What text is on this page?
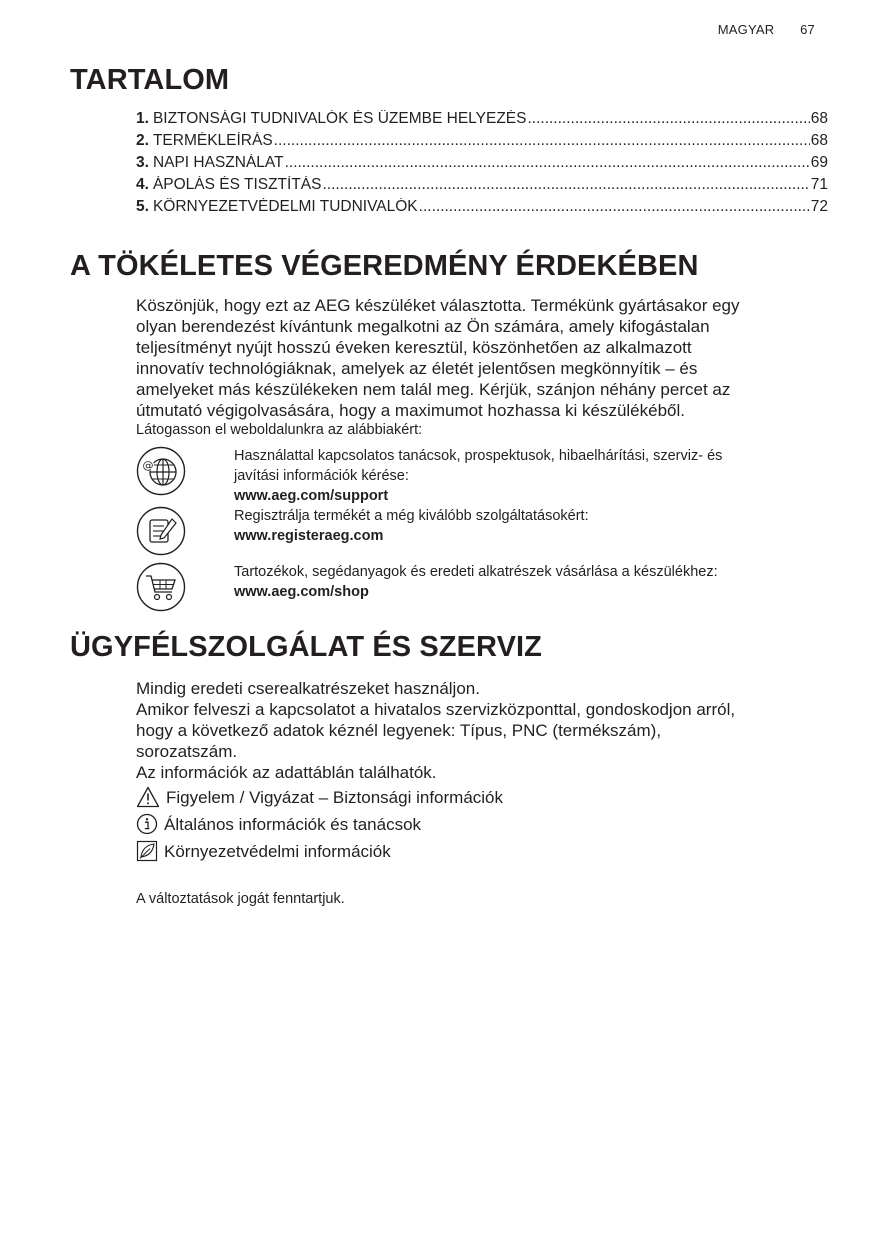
MAGYAR 67
TARTALOM
1. BIZTONSÁGI TUDNIVALÓK ÉS ÜZEMBE HELYEZÉS .....	68
2. TERMÉKLEÍRÁS .....	68
3. NAPI HASZNÁLAT .....	69
4. ÁPOLÁS ÉS TISZTÍTÁS .....	71
5. KÖRNYEZETVÉDELMI TUDNIVALÓK .....	72
A TÖKÉLETES VÉGEREDMÉNY ÉRDEKÉBEN
Köszönjük, hogy ezt az AEG készüléket választotta. Termékünk gyártásakor egy
olyan berendezést kívántunk megalkotni az Ön számára, amely kifogástalan
teljesítményt nyújt hosszú éveken keresztül, köszönhetően az alkalmazott
innovatív technológiáknak, amelyek az életét jelentősen megkönnyítik – és
amelyeket más készülékeken nem talál meg. Kérjük, szánjon néhány percet az
útmutató végigolvasására, hogy a maximumot hozhassa ki készülékéből.
Látogasson el weboldalunkra az alábbiakért:
@
Használattal kapcsolatos tanácsok, prospektusok, hibaelhárítási, szerviz- és
javítási információk kérése:
www.aeg.com/support
Regisztrálja termékét a még kiválóbb szolgáltatásokért:
www.registeraeg.com
Tartozékok, segédanyagok és eredeti alkatrészek vásárlása a készülékhez:
www.aeg.com/shop
ÜGYFÉLSZOLGÁLAT ÉS SZERVIZ
Mindig eredeti cserealkatrészeket használjon.
Amikor felveszi a kapcsolatot a hivatalos szervizközponttal, gondoskodjon arról,
hogy a következő adatok kéznél legyenek: Típus, PNC (termékszám),
sorozatszám.
Az információk az adattáblán találhatók.
Figyelem / Vigyázat – Biztonsági információk
Általános információk és tanácsok
Környezetvédelmi információk
A változtatások jogát fenntartjuk.
